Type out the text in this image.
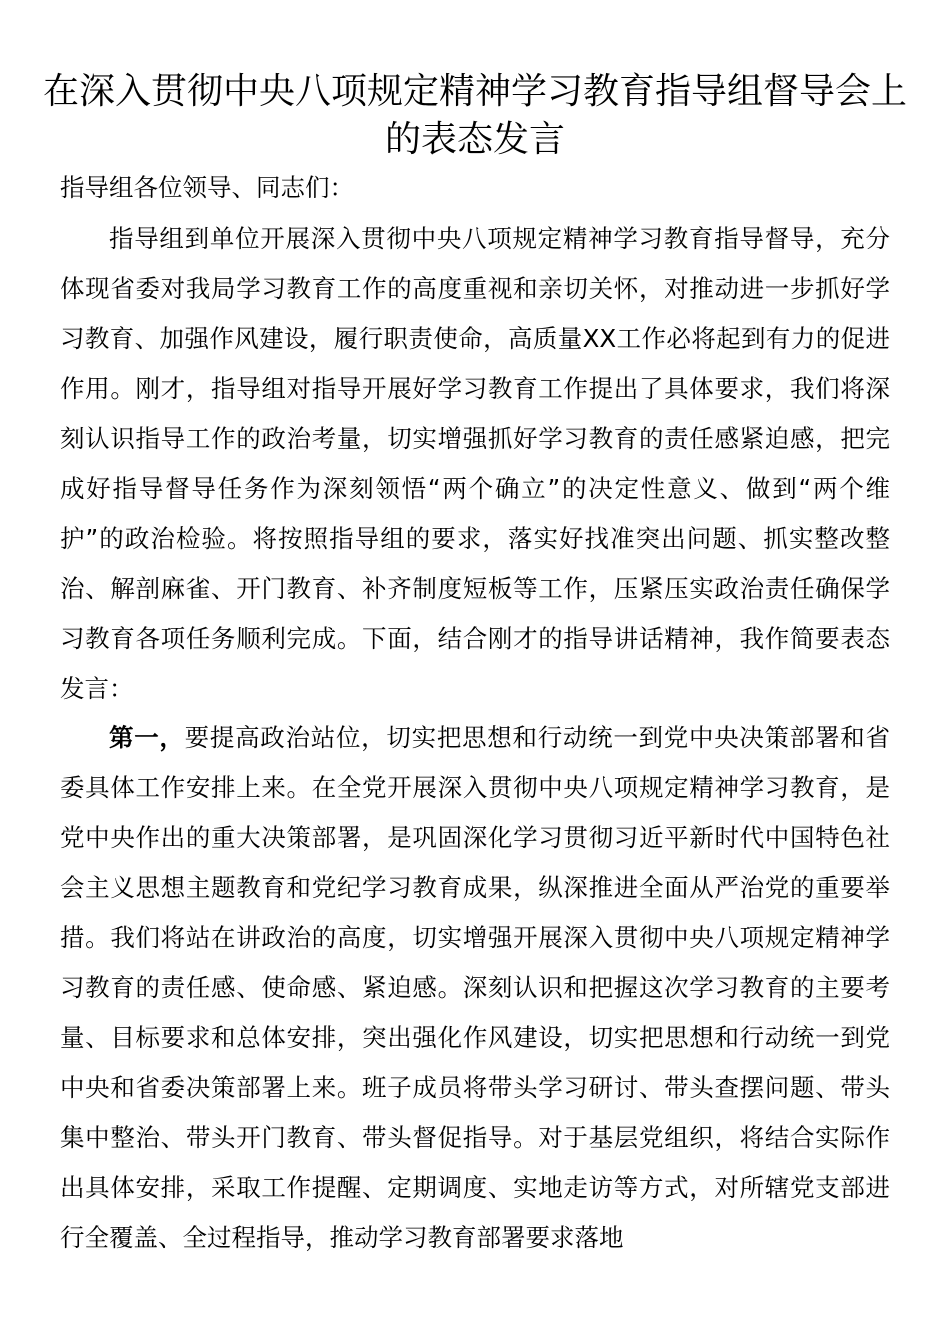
在深入贯彻中央八项规定精神学习教育指导组督导会上的表态发言

指导组各位领导、同志们：

指导组到单位开展深入贯彻中央八项规定精神学习教育指导督导，充分体现省委对我局学习教育工作的高度重视和亲切关怀，对推动进一步抓好学习教育、加强作风建设，履行职责使命，高质量XX工作必将起到有力的促进作用。刚才，指导组对指导开展好学习教育工作提出了具体要求，我们将深刻认识指导工作的政治考量，切实增强抓好学习教育的责任感紧迫感，把完成好指导督导任务作为深刻领悟“两个确立”的决定性意义、做到“两个维护”的政治检验。将按照指导组的要求，落实好找准突出问题、抓实整改整治、解剖麻雀、开门教育、补齐制度短板等工作，压紧压实政治责任确保学习教育各项任务顺利完成。下面，结合刚才的指导讲话精神，我作简要表态发言：

第一，要提高政治站位，切实把思想和行动统一到党中央决策部署和省委具体工作安排上来。在全党开展深入贯彻中央八项规定精神学习教育，是党中央作出的重大决策部署，是巩固深化学习贯彻习近平新时代中国特色社会主义思想主题教育和党纪学习教育成果，纵深推进全面从严治党的重要举措。我们将站在讲政治的高度，切实增强开展深入贯彻中央八项规定精神学习教育的责任感、使命感、紧迫感。深刻认识和把握这次学习教育的主要考量、目标要求和总体安排，突出强化作风建设，切实把思想和行动统一到党中央和省委决策部署上来。班子成员将带头学习研讨、带头查摆问题、带头集中整治、带头开门教育、带头督促指导。对于基层党组织，将结合实际作出具体安排，采取工作提醒、定期调度、实地走访等方式，对所辖党支部进行全覆盖、全过程指导，推动学习教育部署要求落地
